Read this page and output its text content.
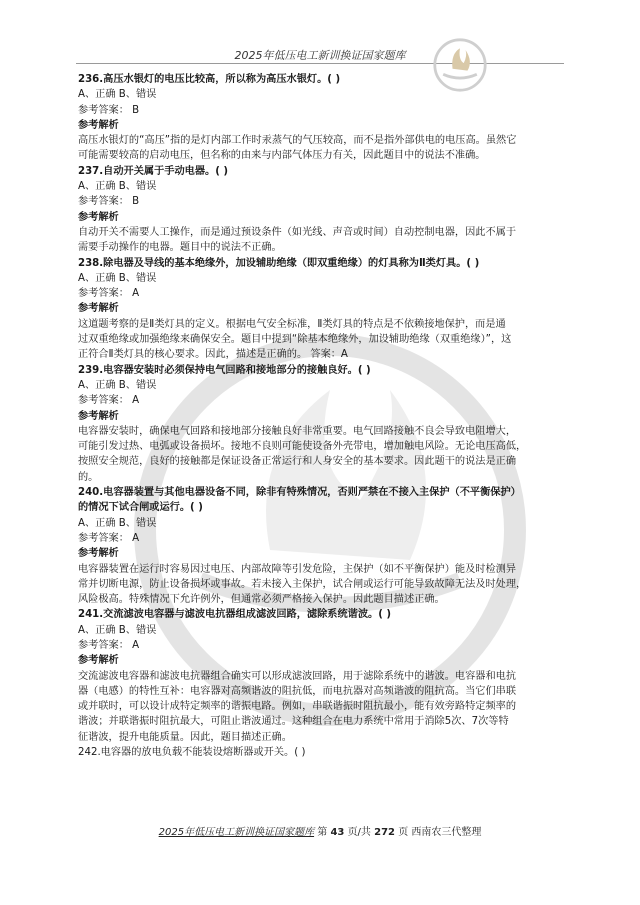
2025年低压电工新训换证国家题库
236.高压水银灯的电压比较高，所以称为高压水银灯。( )
A、正确 B、错误
参考答案： B
参考解析
高压水银灯的“高压”指的是灯内部工作时汞蒸气的气压较高，而不是指外部供电的电压高。虽然它
可能需要较高的启动电压，但名称的由来与内部气体压力有关，因此题目中的说法不准确。
237.自动开关属于手动电器。( )
A、正确 B、错误
参考答案： B
参考解析
自动开关不需要人工操作，而是通过预设条件（如光线、声音或时间）自动控制电器，因此不属于
需要手动操作的电器。题目中的说法不正确。
238.除电器及导线的基本绝缘外，加设辅助绝缘（即双重绝缘）的灯具称为Ⅱ类灯具。( )
A、正确 B、错误
参考答案： A
参考解析
这道题考察的是Ⅱ类灯具的定义。根据电气安全标准，Ⅱ类灯具的特点是不依赖接地保护，而是通
过双重绝缘或加强绝缘来确保安全。题目中提到“除基本绝缘外，加设辅助绝缘（双重绝缘）”，这
正符合Ⅱ类灯具的核心要求。因此，描述是正确的。 答案：A
239.电容器安装时必须保持电气回路和接地部分的接触良好。( )
A、正确 B、错误
参考答案： A
参考解析
电容器安装时，确保电气回路和接地部分接触良好非常重要。电气回路接触不良会导致电阻增大，
可能引发过热、电弧或设备损坏。接地不良则可能使设备外壳带电，增加触电风险。无论电压高低，
按照安全规范，良好的接触都是保证设备正常运行和人身安全的基本要求。因此题干的说法是正确
的。
240.电容器装置与其他电器设备不同，除非有特殊情况，否则严禁在不接入主保护（不平衡保护）
的情况下试合闸或运行。( )
A、正确 B、错误
参考答案： A
参考解析
电容器装置在运行时容易因过电压、内部故障等引发危险，主保护（如不平衡保护）能及时检测异
常并切断电源，防止设备损坏或事故。若未接入主保护，试合闸或运行可能导致故障无法及时处理，
风险极高。特殊情况下允许例外，但通常必须严格接入保护。因此题目描述正确。
241.交流滤波电容器与滤波电抗器组成滤波回路，滤除系统谐波。( )
A、正确 B、错误
参考答案： A
参考解析
交流滤波电容器和滤波电抗器组合确实可以形成滤波回路，用于滤除系统中的谐波。电容器和电抗
器（电感）的特性互补：电容器对高频谐波的阻抗低，而电抗器对高频谐波的阻抗高。当它们串联
或并联时，可以设计成特定频率的谐振电路。例如，串联谐振时阻抗最小，能有效旁路特定频率的
谐波；并联谐振时阻抗最大，可阻止谐波通过。这种组合在电力系统中常用于消除5次、7次等特
征谐波，提升电能质量。因此，题目描述正确。
242.电容器的放电负载不能装设熔断器或开关。( )
2025年低压电工新训换证国家题库 第 43 页/共 272 页 西南农三代整理
